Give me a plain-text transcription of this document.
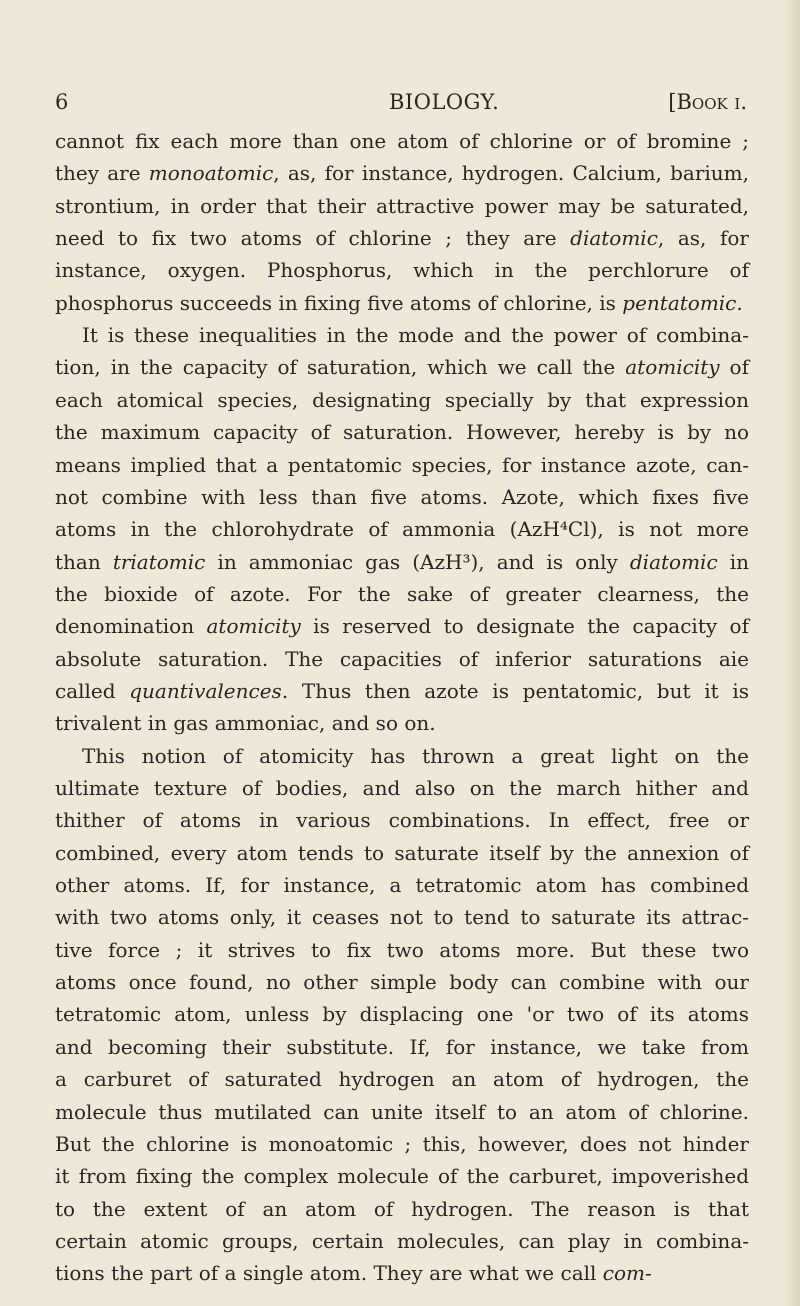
6	BIOLOGY.	[Book i.

cannot fix each more than one atom of chlorine or of bromine ;

they are monoatomic, as, for instance, hydrogen. Calcium, barium,

strontium, in order that their attractive power may be saturated,

need to fix two atoms of chlorine ; they are diatomic, as, for

instance, oxygen. Phosphorus, which in the perchlorure of

phosphorus succeeds in fixing five atoms of chlorine, is pentatomic.

It is these inequalities in the mode and the power of combina-

tion, in the capacity of saturation, which we call the atomicity of

each atomical species, designating specially by that expression

the maximum capacity of saturation. However, hereby is by no

means implied that a pentatomic species, for instance azote, can-

not combine with less than five atoms. Azote, which fixes five

atoms in the chlorohydrate of ammonia (AzH⁴Cl), is not more

than triatomic in ammoniac gas (AzH³), and is only diatomic in

the bioxide of azote. For the sake of greater clearness, the

denomination atomicity is reserved to designate the capacity of

absolute saturation. The capacities of inferior saturations aie

called quantivalences. Thus then azote is pentatomic, but it is

trivalent in gas ammoniac, and so on.

This notion of atomicity has thrown a great light on the

ultimate texture of bodies, and also on the march hither and

thither of atoms in various combinations. In effect, free or

combined, every atom tends to saturate itself by the annexion of

other atoms. If, for instance, a tetratomic atom has combined

with two atoms only, it ceases not to tend to saturate its attrac-

tive force ; it strives to fix two atoms more. But these two

atoms once found, no other simple body can combine with our

tetratomic atom, unless by displacing one 'or two of its atoms

and becoming their substitute. If, for instance, we take from

a carburet of saturated hydrogen an atom of hydrogen, the

molecule thus mutilated can unite itself to an atom of chlorine.

But the chlorine is monoatomic ; this, however, does not hinder

it from fixing the complex molecule of the carburet, impoverished

to the extent of an atom of hydrogen. The reason is that

certain atomic groups, certain molecules, can play in combina-

tions the part of a single atom. They are what we call com-
